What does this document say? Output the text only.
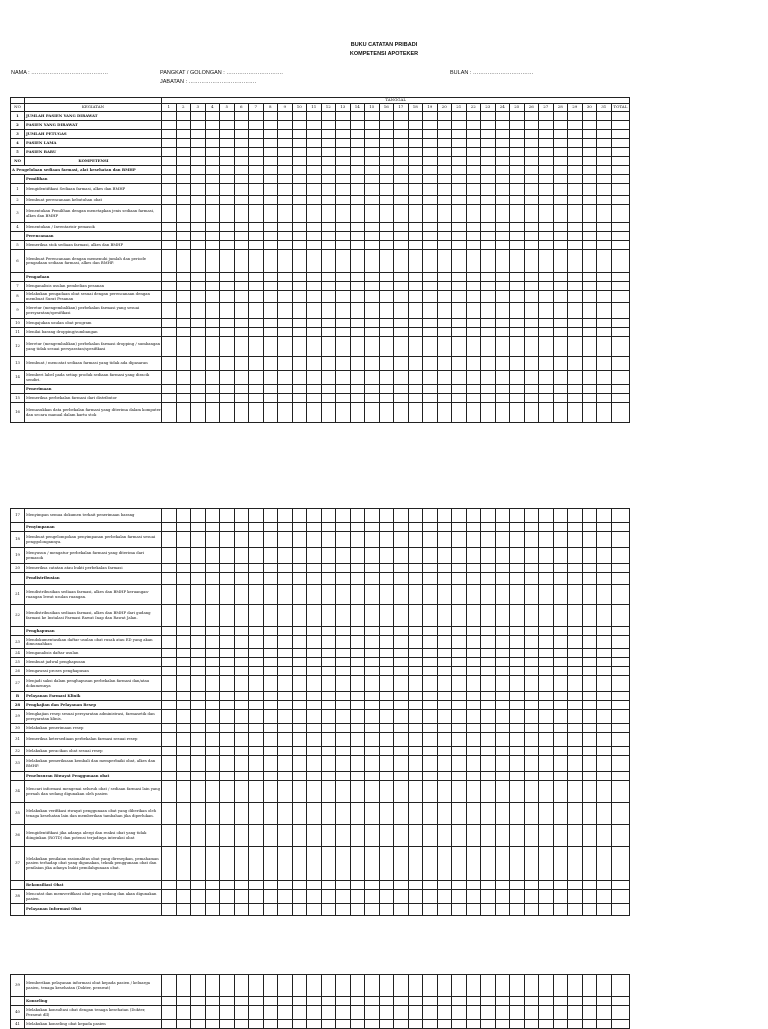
BUKU CATATAN PRIBADI
KOMPETENSI APOTEKER
NAMA : ……………………………………	PANGKAT / GOLONGAN : ………………………….	BULAN : ……………………………
JABATAN : ……………………………….
		TANGGAL																															
NO	KEGIATAN	1	2	3	4	5	6	7	8	9	10	11	12	13	14	15	16	17	18	19	20	21	22	23	24	25	26	27	28	29	30	31	TOTAL
1	JUMLAH PASIEN YANG DIRAWAT																																
2	PASIEN YANG DIRAWAT																																
3	JUMLAH PETUGAS																																
4	PASIEN LAMA																																
5	PASIEN BARU																																
NO	KOMPETENSI																																
A Pengelolaan sediaan farmasi, alat kesehatan dan BMHP																																	
	Pemilihan																																
1	Mengidentifikasi Sediaan farmasi, alkes dan BMHP																																
2	Membuat perencanaan kebutuhan obat																																
3	Menentukan Pemilihan dengan menetapkan jenis sediaan farmasi, alkes dan BMHP																																
4	Menentukan / Inventarisir pemasok																																
	Perencanaan																																
5	Memeriksa stok sediaan farmasi, alkes dan BMHP																																
6	Membuat Perencanaan dengan memenuhi jumlah dan periode pengadaan sediaan farmasi, alkes dan BMHP.																																
	Pengadaan																																
7	Menganalisis usulan pembelian pesanan																																
8	Melakukan pengadaan obat sesuai dengan perencanaan dengan membuat Surat Pesanan																																
9	Meretur (mengembalikan) perbekalan farmasi yang sesuai persyaratan/spesifikasi																																
10	Mengajukan usulan obat program																																
11	Menilai barang dropping/sumbangan																																
12	Meretur (mengembalikan) perbekalan farmasi dropping / sumbangan yang tidak sesuai persyaratan/spesifikasi																																
13	Membuat / mencatat sediaan farmasi yang tidak ada dipasaran																																
14	Memberi label pada setiap produk sediaan farmasi yang diracik sendiri.																																
	Penerimaan																																
15	Memeriksa perbekalan farmasi dari distributor																																
16	Memasukkan data perbekalan farmasi yang diterima dalam komputer dan secara manual dalam kartu stok																																
17	Menyimpan semua dokumen terkait penerimaan barang																																
	Penyimpanan																																
18	Membuat pengelompokan penyimpanan perbekalan farmasi sesuai penggolongannya.																																
19	Menyusun / mengatur perbekalan farmasi yang diterima dari pemasok																																
20	Memeriksa catatan atau bukti perbekalan farmasi																																
	Pendistribusian																																
21	Mendistribusikan sediaan farmasi, alkes dan BMHP keruangan-ruangan lewat usulan ruangan.																																
22	Mendistribusikan sediaan farmasi, alkes dan BMHP dari gudang farmasi ke Instalasi Farmasi Rawat Inap dan Rawat Jalan.																																
	Penghapusan																																
23	Mendokumentasikan daftar usulan obat rusak atau ED yang akan dimusnahkan																																
24	Menganalisis daftar usulan																																
25	Membuat jadwal penghapusan																																
26	Mengawasi proses penghapusan																																
27	Menjadi saksi dalam penghapusan perbekalan farmasi dan/atau dokumennya																																
B	Pelayanan Farmasi Klinik																																
28	Pengkajian dan Pelayanan Resep																																
29	Mengkajian resep sesuai persyaratan administrasi, farmasetik dan persyaratan klinis.																																
30	Melakukan penerimaan resep																																
31	Memeriksa ketersediaan perbekalan farmasi sesuai resep																																
32	Melakukan peracikan obat sesuai resep																																
33	Melakukan pemeriksaan kembali dan memperbaiki obat, alkes dan BMHP.																																
	Penelusuran Riwayat Penggunaan obat																																
34	Mencari informasi mengenai seluruh obat / sediaan farmasi lain yang pernah dan sedang digunakan oleh pasien																																
35	Melakukan verifikasi riwayat penggunaan obat yang diberikan oleh tenaga kesehatan lain dan memberikan tambahan jika diperlukan.																																
36	Mengidentifikasi jika adanya alergi dan reaksi obat yang tidak diinginkan (ROTD) dan potensi terjadinya interaksi obat																																
37	Melakukan penilaian rasionalitas obat yang diresepkan, pemahaman pasien terhadap obat yang digunakan, teknik penggunaan obat dan penilaian jika adanya bukti pemilahgunaan obat.																																
	Rekonsiliasi Obat																																
38	Mencatat dan memverifikasi obat yang sedang dan akan digunakan pasien.																																
	Pelayanan Informasi Obat																																
39	Memberikan pelayanan informasi obat kepada pasien / keluarga pasien, tenaga kesehatan (Dokter, perawat)																																
	Konseling																																
40	Melakukan konsultasi obat dengan tenaga kesehatan (Dokter, Perawat dll)																																
41	Melakukan konseling obat kepada pasien																																
